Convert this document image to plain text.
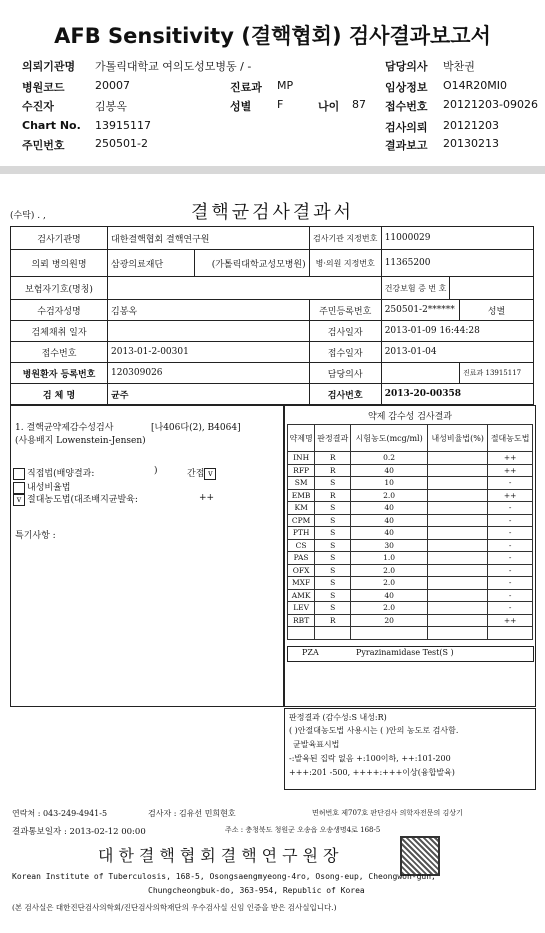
AFB Sensitivity (결핵협회) 검사결과보고서
의뢰기관명 가톨릭대학교 여의도성모병동 / -
병원코드	20007
수진자	김봉옥
Chart No. 13915117
주민번호	250501-2
진료과 MP
성별 F	나이 87
담당의사 박찬권
임상정보 O14R20MI0
접수번호 20121203-09026
검사의뢰 20121203
결과보고 20130213
(수탁) . ,	결핵균검사결과서
검사기관명	대한결핵협회 결핵연구원		검사기관 지정번호	11000029		
의뢰 병의원명	삼광의료재단	(가톨릭대학교성모병원)	병·의원 지정번호	11365200		
보험자기호(명칭)				건강보험 증 번 호		
수검자성명	김봉옥		주민등록번호	250501-2******		성별
검체채취 일자			검사일자	2013-01-09 16:44:28		
접수번호	2013-01-2-00301		접수일자	2013-01-04		
병원환자 등록번호	120309026		담당의사			진료과 13915117
검 체 명	균주		검사번호	2013-20-00358		
1. 결핵균약제감수성검사	[나406다(2), B4064]
(사용배지 Lowenstein-Jensen)
직접법(배양결과:	)	간접 v
내성비율법
v 절대농도법(대조배지균발육:	++
특기사항 :
약제 감수성 검사결과
약제명	판정결과	시험농도(mcg/ml)	내성비율법(%)	절대농도법
INH	R	0.2		++
RFP	R	40		++
SM	S	10		-
EMB	R	2.0		++
KM	S	40		-
CPM	S	40		-
PTH	S	40		-
CS	S	30		-
PAS	S	1.0		-
OFX	S	2.0		-
MXF	S	2.0		-
AMK	S	40		-
LEV	S	2.0		-
RBT	R	20		++

PZA	Pyrazinamidase Test(S )
판정결과 (감수성:S 내성:R)
( )안절대농도법 사용시는 ( )안의 농도로 검사함.
균발육표시법
-:발육된 집락 없음 +:100이하, ++:101-200
+++:201 -500, ++++:+++이상(융합발육)
연락처 : 043-249-4941-5	검사자 : 김유선 민희현호	면허번호 제707호 판단검사 의학자전문의 김상기
결과통보일자 : 2013-02-12 00:00	주소 : 충청북도 청원군 오송읍 오송생명4로 168-5
대한결핵협회결핵연구원장
Korean Institute of Tuberculosis, 168-5, Osongsaengmyeong-4ro, Osong-eup, Cheongwon-gun,
Chungcheongbuk-do, 363-954, Republic of Korea
(본 검사실은 대한진단검사의학회/진단검사의학재단의 우수검사실 신임 인증을 받은 검사실입니다.)
